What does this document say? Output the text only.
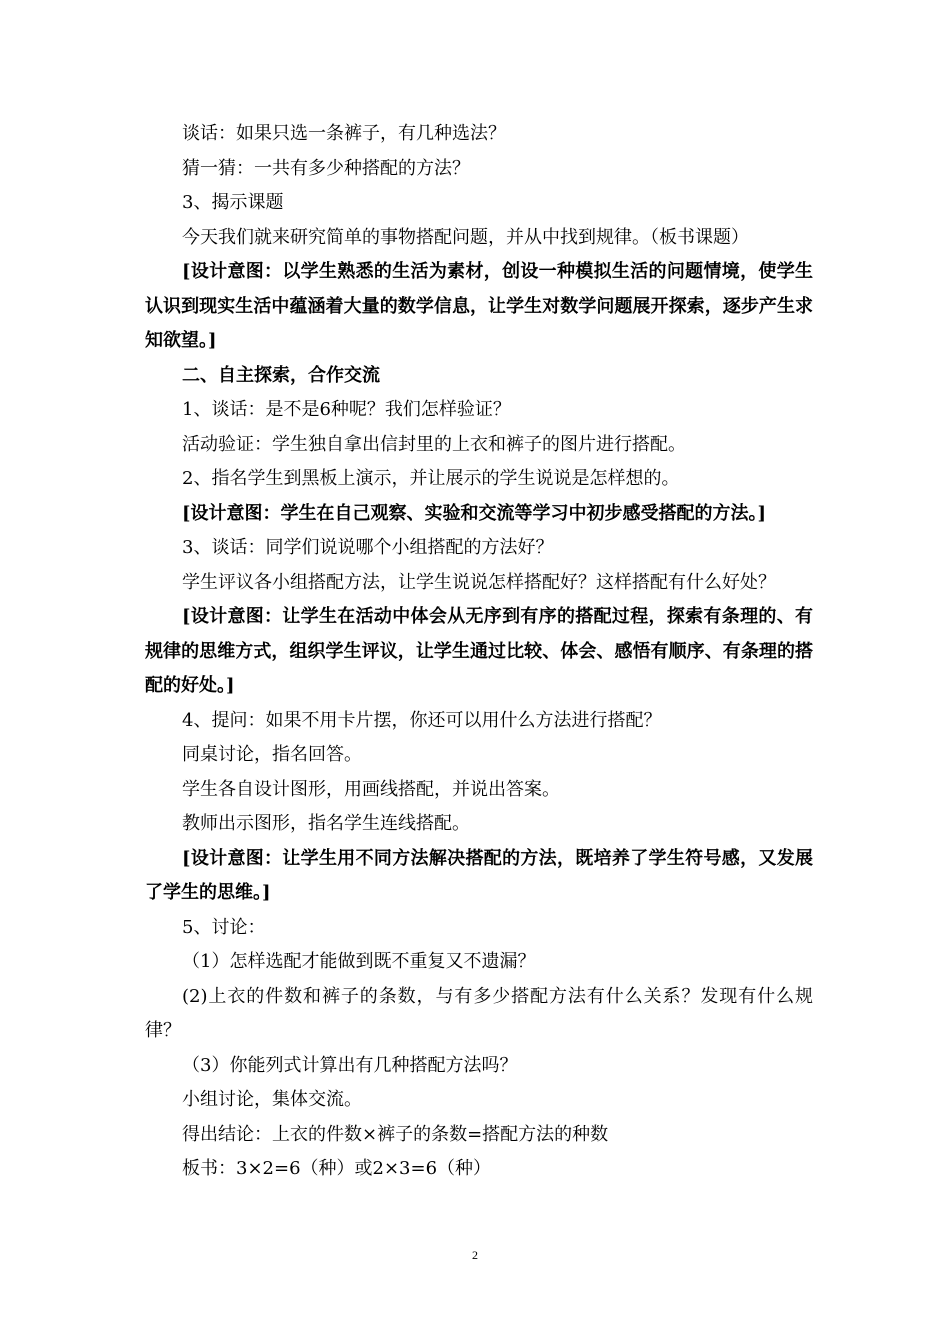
谈话：如果只选一条裤子，有几种选法？

猜一猜：一共有多少种搭配的方法？

3、揭示课题

今天我们就来研究简单的事物搭配问题，并从中找到规律。（板书课题）

[设计意图：以学生熟悉的生活为素材，创设一种模拟生活的问题情境，使学生认识到现实生活中蕴涵着大量的数学信息，让学生对数学问题展开探索，逐步产生求知欲望。]

二、自主探索，合作交流

1、谈话：是不是6种呢？我们怎样验证？

活动验证：学生独自拿出信封里的上衣和裤子的图片进行搭配。

2、指名学生到黑板上演示，并让展示的学生说说是怎样想的。

[设计意图：学生在自己观察、实验和交流等学习中初步感受搭配的方法。]

3、谈话：同学们说说哪个小组搭配的方法好？

学生评议各小组搭配方法，让学生说说怎样搭配好？这样搭配有什么好处？

[设计意图：让学生在活动中体会从无序到有序的搭配过程，探索有条理的、有规律的思维方式，组织学生评议，让学生通过比较、体会、感悟有顺序、有条理的搭配的好处。]

4、提问：如果不用卡片摆，你还可以用什么方法进行搭配？

同桌讨论，指名回答。

学生各自设计图形，用画线搭配，并说出答案。

教师出示图形，指名学生连线搭配。

[设计意图：让学生用不同方法解决搭配的方法，既培养了学生符号感，又发展了学生的思维。]

5、讨论：

（1）怎样选配才能做到既不重复又不遗漏？

(2)上衣的件数和裤子的条数，与有多少搭配方法有什么关系？发现有什么规律？

（3）你能列式计算出有几种搭配方法吗？

小组讨论，集体交流。

得出结论：上衣的件数×裤子的条数=搭配方法的种数

板书：3×2=6（种）或2×3=6（种）

2
